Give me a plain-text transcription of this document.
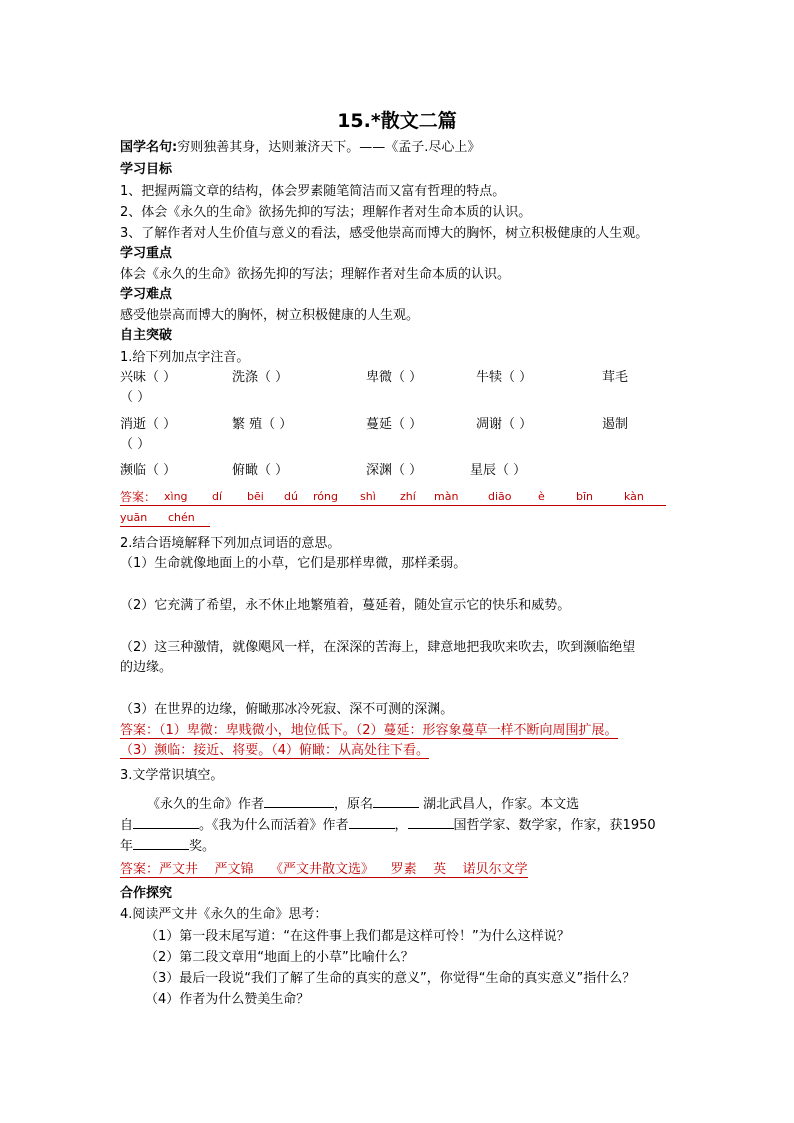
15.*散文二篇
国学名句:穷则独善其身，达则兼济天下。——《孟子.尽心上》
学习目标
1、把握两篇文章的结构，体会罗素随笔简洁而又富有哲理的特点。
2、体会《永久的生命》欲扬先抑的写法；理解作者对生命本质的认识。
3、了解作者对人生价值与意义的看法，感受他崇高而博大的胸怀，树立积极健康的人生观。
学习重点
体会《永久的生命》欲扬先抑的写法；理解作者对生命本质的认识。
学习难点
感受他崇高而博大的胸怀，树立积极健康的人生观。
自主突破
1.给下列加点字注音。
兴味（ ）	洗涤（ ）	卑微（ ）	牛犊（ ）	茸毛
（ ）
消逝（ ）	繁 殖（ ）	蔓延（ ）	凋谢（ ）	遏制
（ ）
濒临（ ）	俯瞰（ ）	深渊（ ）	星辰（ ）
答案： xìng dí bēi dú róng shì zhí màn	diāo è	bīn	kàn
yuān chén
2.结合语境解释下列加点词语的意思。
（1）生命就像地面上的小草，它们是那样卑微，那样柔弱。
（2）它充满了希望，永不休止地繁殖着，蔓延着，随处宣示它的快乐和威势。
（2）这三种激情，就像飓风一样，在深深的苦海上，肆意地把我吹来吹去，吹到濒临绝望
的边缘。
（3）在世界的边缘，俯瞰那冰冷死寂、深不可测的深渊。
答案：（1）卑微：卑贱微小，地位低下。（2）蔓延：形容象蔓草一样不断向周围扩展。
（3）濒临：接近、将要。（4）俯瞰：从高处往下看。
3.文学常识填空。
《永久的生命》作者	，原名	湖北武昌人，作家。本文选
自	。《我为什么而活着》作者	，	国哲学家、数学家，作家，获1950
年	奖。
答案：严文井    严文锦    《严文井散文选》    罗素    英    诺贝尔文学
合作探究
4.阅读严文井《永久的生命》思考：
（1）第一段末尾写道：“在这件事上我们都是这样可怜！”为什么这样说？
（2）第二段文章用“地面上的小草”比喻什么？
（3）最后一段说“我们了解了生命的真实的意义”，你觉得“生命的真实意义”指什么？
（4）作者为什么赞美生命？
